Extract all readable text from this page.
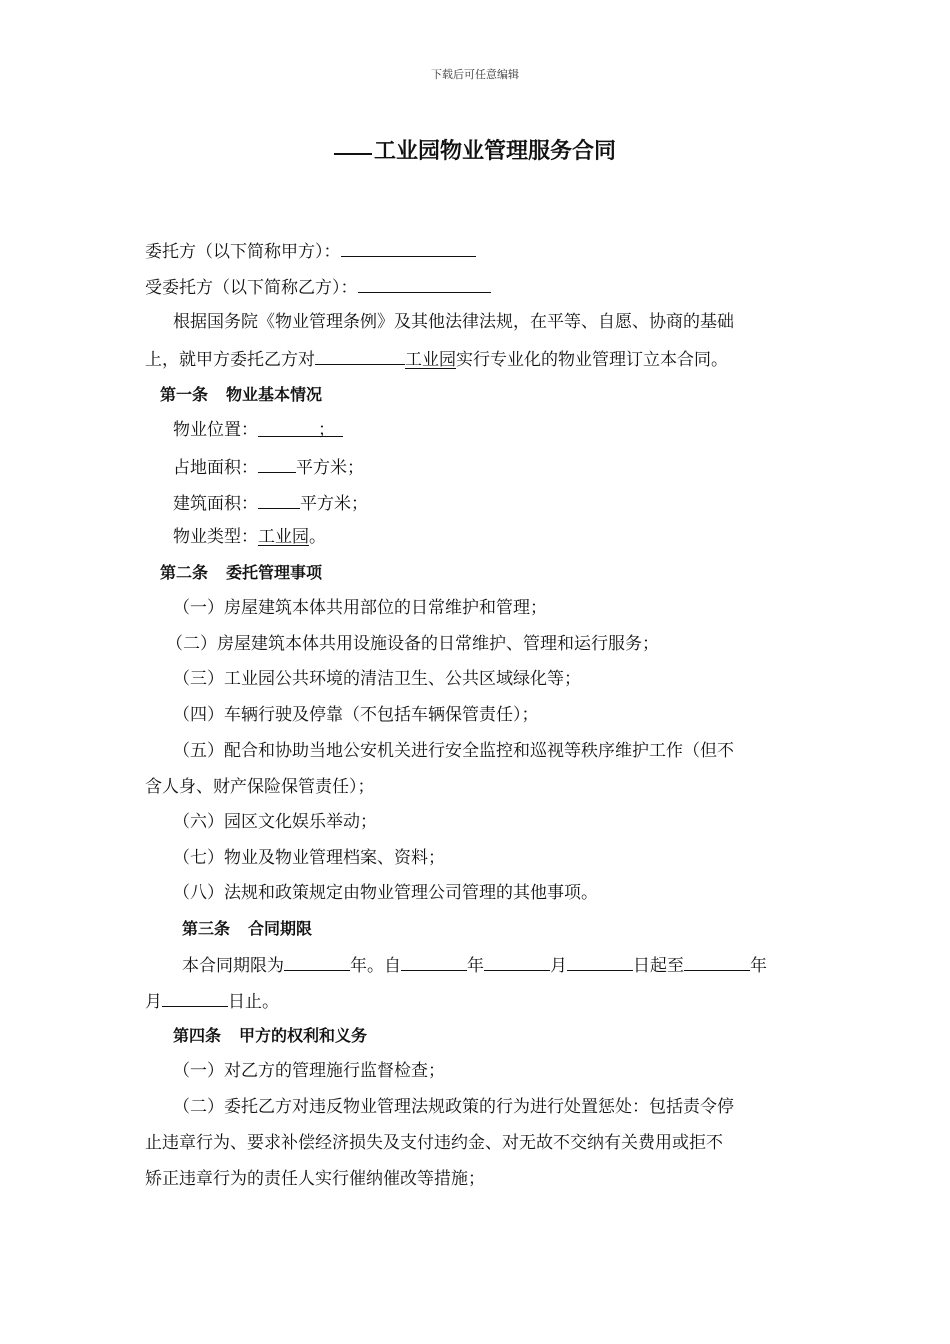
下载后可任意编辑
工业园物业管理服务合同
委托方（以下简称甲方）：
受委托方（以下简称乙方）：
根据国务院《物业管理条例》及其他法律法规，在平等、自愿、协商的基础
上，就甲方委托乙方对	工业园实行专业化的物业管理订立本合同。
第一条 物业基本情况
物业位置：	；
占地面积： 平方米；
建筑面积： 平方米；
物业类型：工业园。
第二条 委托管理事项
（一）房屋建筑本体共用部位的日常维护和管理；
（二）房屋建筑本体共用设施设备的日常维护、管理和运行服务；
（三）工业园公共环境的清洁卫生、公共区域绿化等；
（四）车辆行驶及停靠（不包括车辆保管责任）；
（五）配合和协助当地公安机关进行安全监控和巡视等秩序维护工作（但不
含人身、财产保险保管责任）；
（六）园区文化娱乐举动；
（七）物业及物业管理档案、资料；
（八）法规和政策规定由物业管理公司管理的其他事项。
第三条 合同期限
本合同期限为	年。自	年	月	日起至	年
月	日止。
第四条 甲方的权利和义务
（一）对乙方的管理施行监督检查；
（二）委托乙方对违反物业管理法规政策的行为进行处置惩处：包括责令停
止违章行为、要求补偿经济损失及支付违约金、对无故不交纳有关费用或拒不
矫正违章行为的责任人实行催纳催改等措施；
